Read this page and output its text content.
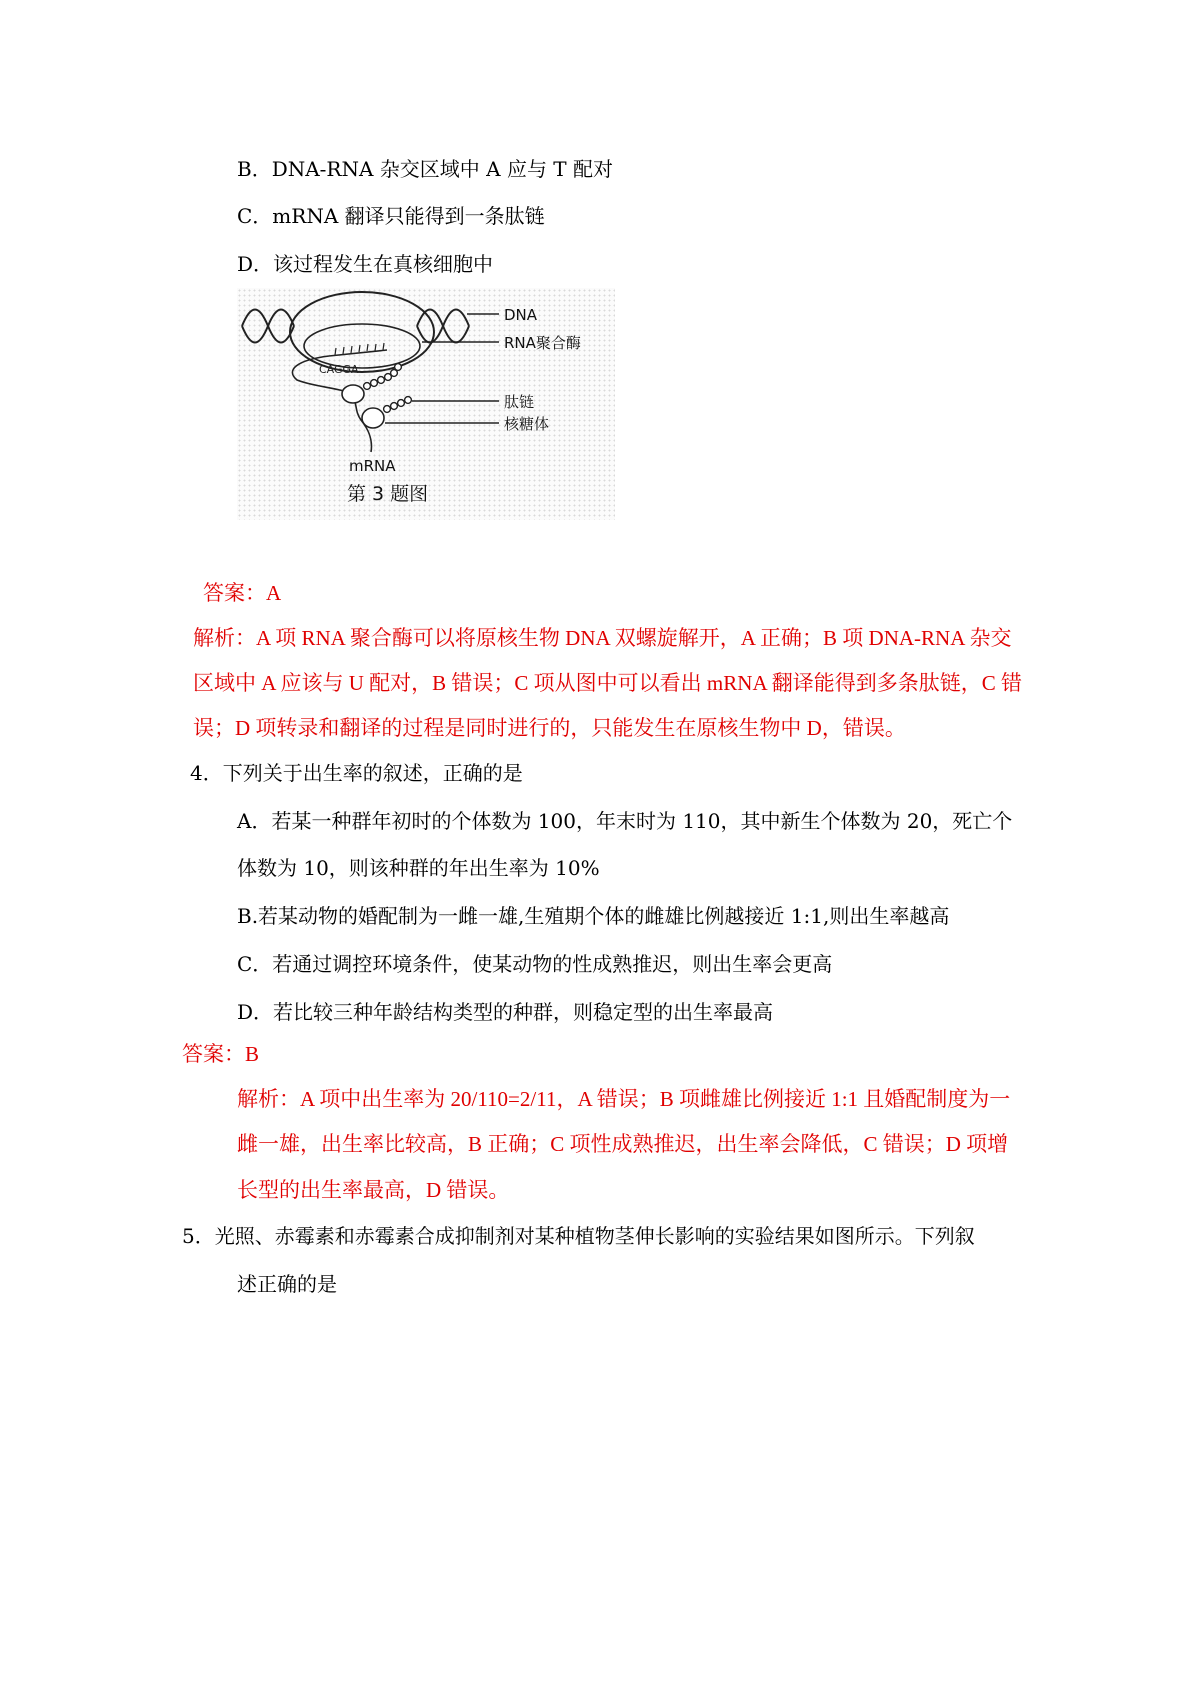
B．DNA-RNA 杂交区域中 A 应与 T 配对
C．mRNA 翻译只能得到一条肽链
D．该过程发生在真核细胞中
CAGGA
DNA
RNA聚合酶
肽链
核糖体
mRNA
第 3 题图
答案：A
解析：A 项 RNA 聚合酶可以将原核生物 DNA 双螺旋解开，A 正确；B 项 DNA-RNA 杂交
区域中 A 应该与 U 配对，B 错误；C 项从图中可以看出 mRNA 翻译能得到多条肽链，C 错
误；D 项转录和翻译的过程是同时进行的，只能发生在原核生物中 D，错误。
4．下列关于出生率的叙述，正确的是
A．若某一种群年初时的个体数为 100，年末时为 110，其中新生个体数为 20，死亡个
体数为 10，则该种群的年出生率为 10%
B.若某动物的婚配制为一雌一雄,生殖期个体的雌雄比例越接近 1:1,则出生率越高
C．若通过调控环境条件，使某动物的性成熟推迟，则出生率会更高
D．若比较三种年龄结构类型的种群，则稳定型的出生率最高
答案：B
解析：A 项中出生率为 20/110=2/11，A 错误；B 项雌雄比例接近 1:1 且婚配制度为一
雌一雄，出生率比较高，B 正确；C 项性成熟推迟，出生率会降低，C 错误；D 项增
长型的出生率最高，D 错误。
5．光照、赤霉素和赤霉素合成抑制剂对某种植物茎伸长影响的实验结果如图所示。下列叙
述正确的是
